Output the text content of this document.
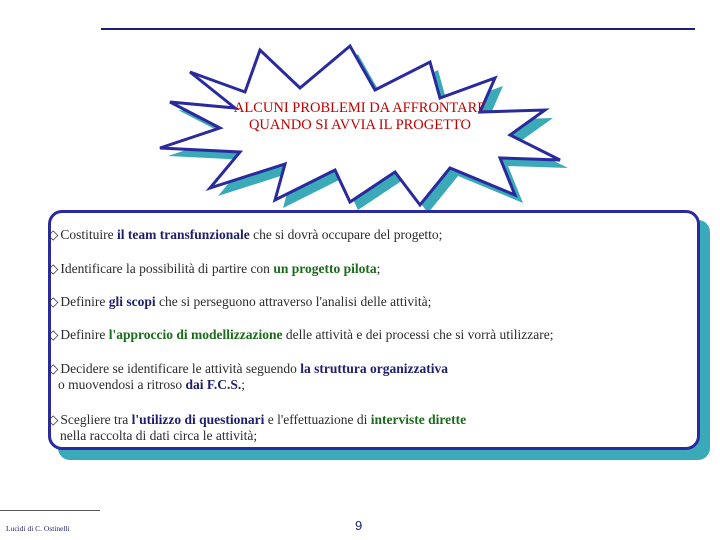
ALCUNI PROBLEMI DA AFFRONTARE
QUANDO SI AVVIA IL PROGETTO
◇ Costituire il team transfunzionale che si dovrà occupare del progetto;
◇ Identificare la possibilità di partire con un progetto pilota;
◇ Definire gli scopi che si perseguono attraverso l'analisi delle attività;
◇ Definire l'approccio di modellizzazione delle attività e dei processi che si vorrà utilizzare;
◇ Decidere se identificare le attività seguendo la struttura organizzativa
o muovendosi a ritroso dai F.C.S.;
◇ Scegliere tra l'utilizzo di questionari e l'effettuazione di interviste dirette
nella raccolta di dati circa le attività;
Lucidi di C. Ostinelli	9
